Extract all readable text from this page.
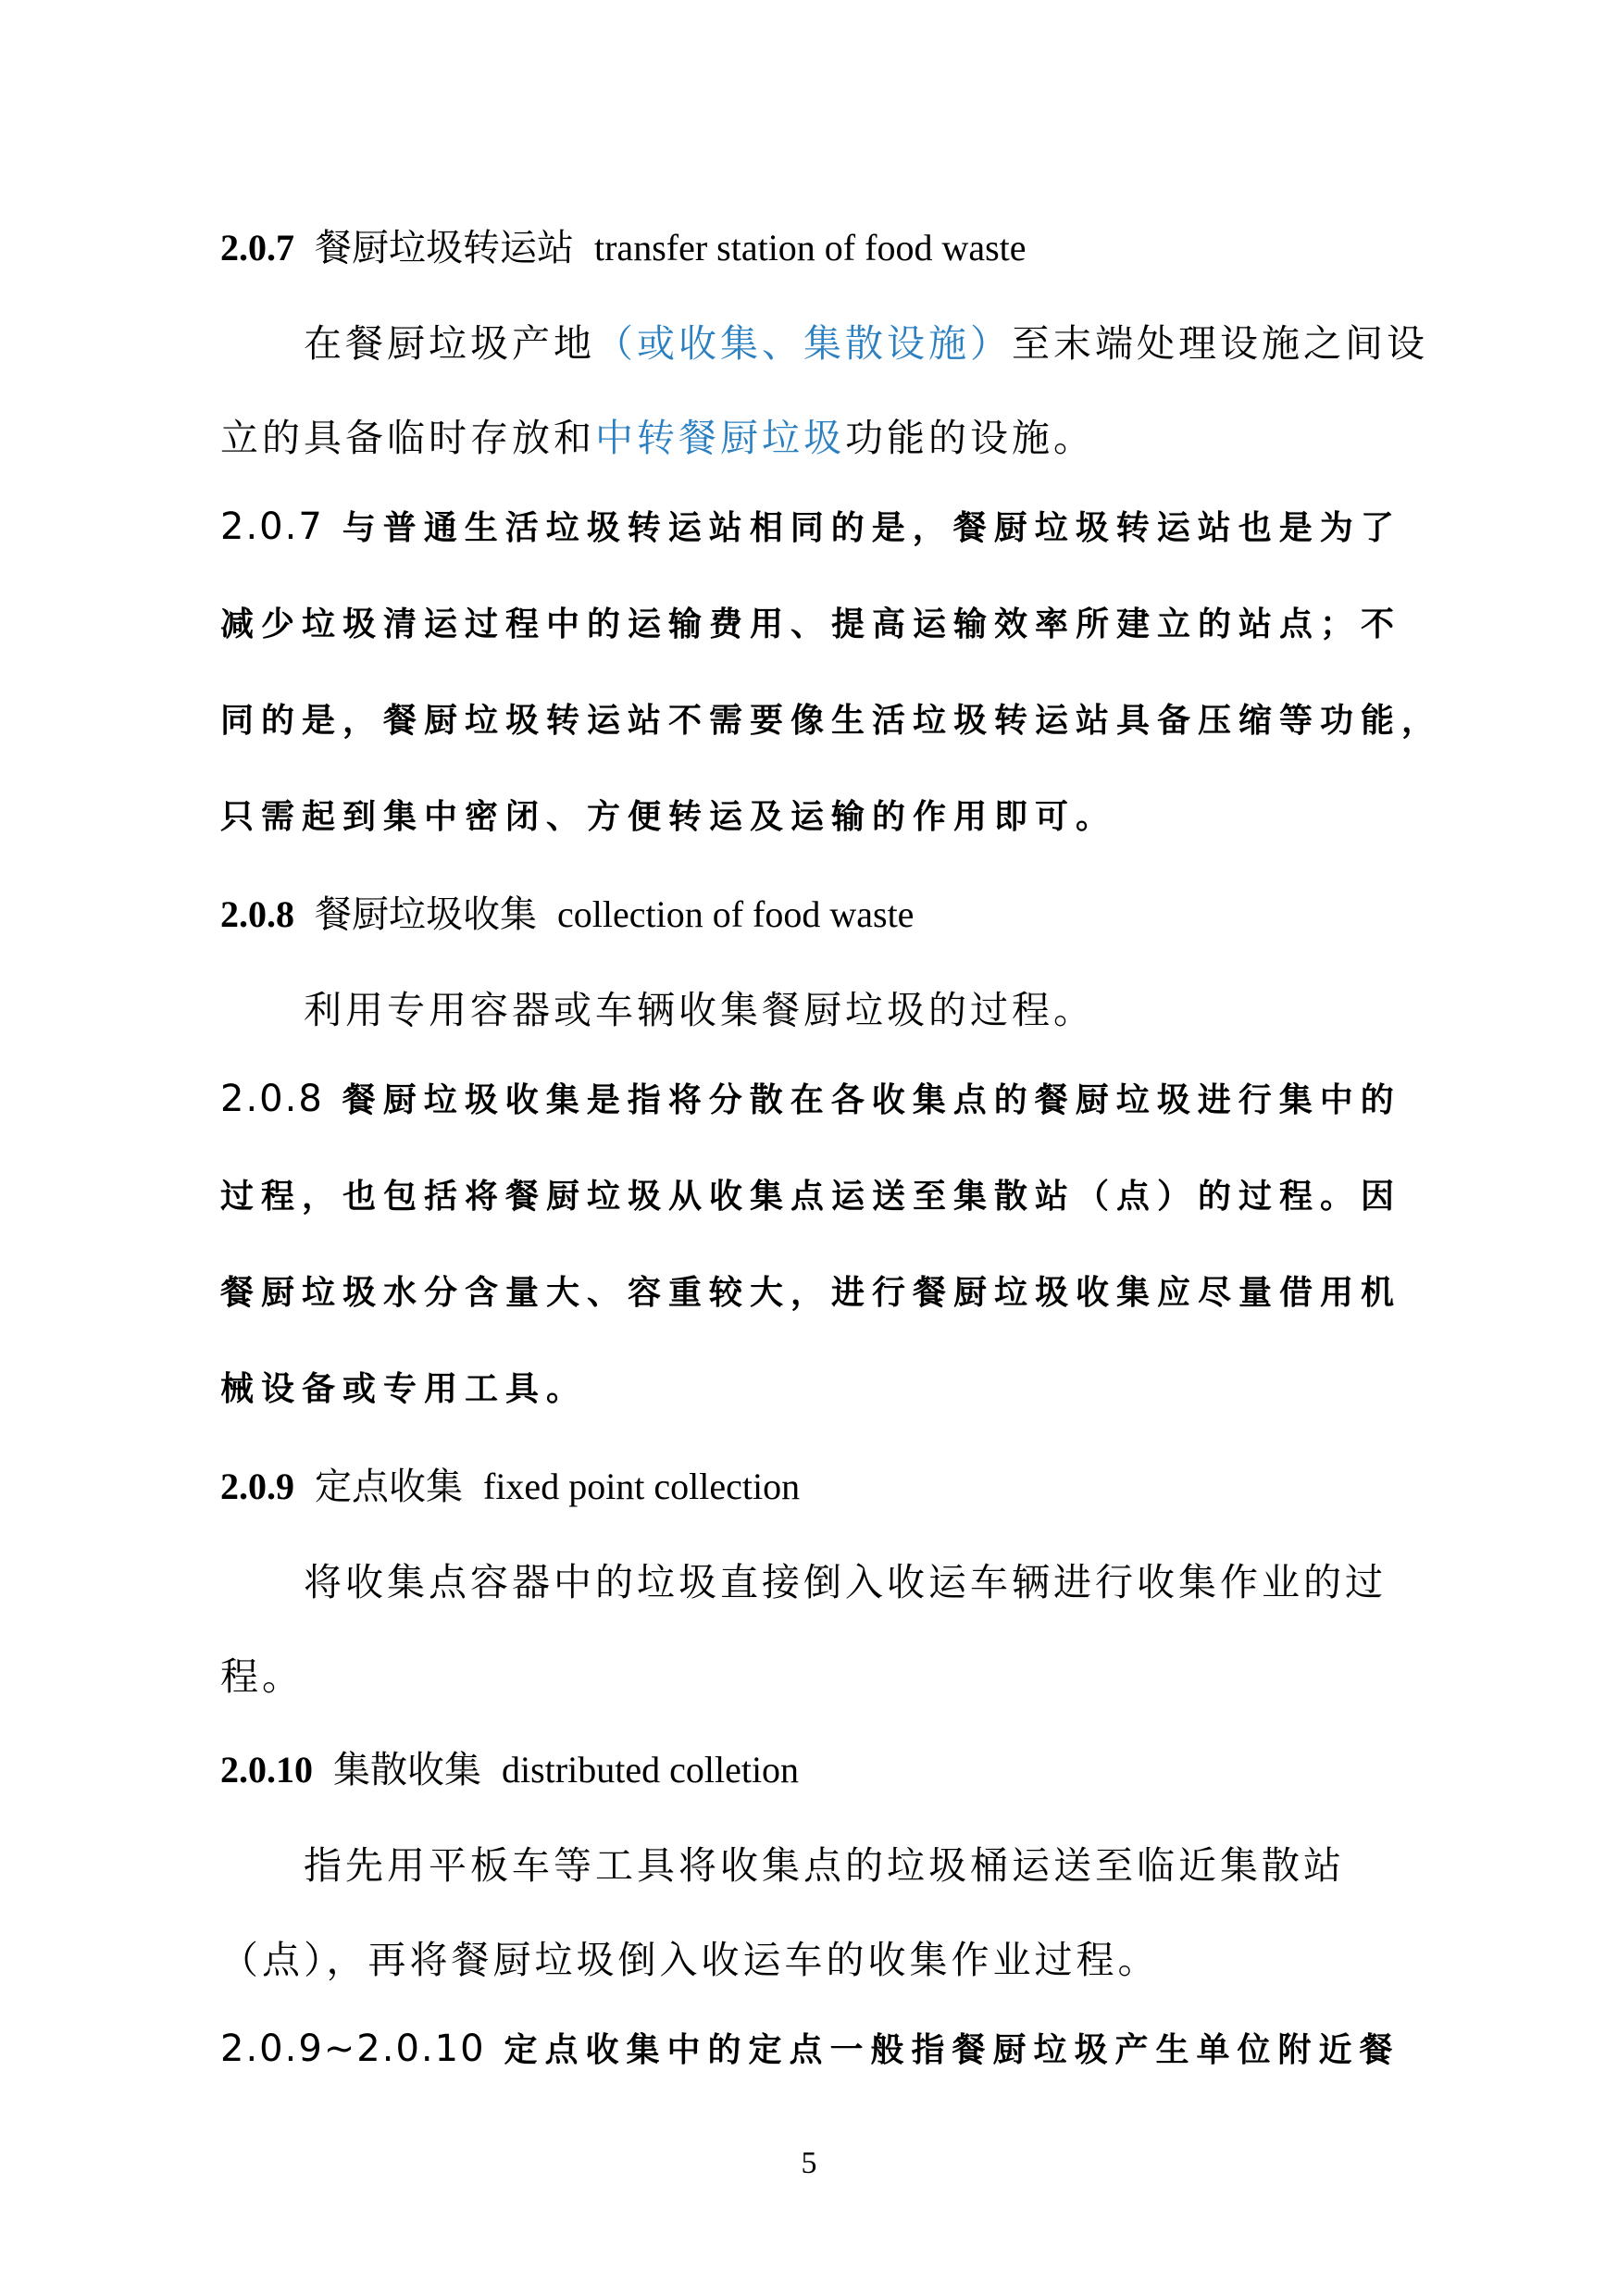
2.0.7 餐厨垃圾转运站 transfer station of food waste
在餐厨垃圾产地（或收集、集散设施）至末端处理设施之间设
立的具备临时存放和中转餐厨垃圾功能的设施。
2.0.7 与普通生活垃圾转运站相同的是，餐厨垃圾转运站也是为了
减少垃圾清运过程中的运输费用、提高运输效率所建立的站点；不
同的是，餐厨垃圾转运站不需要像生活垃圾转运站具备压缩等功能，
只需起到集中密闭、方便转运及运输的作用即可。
2.0.8 餐厨垃圾收集 collection of food waste
利用专用容器或车辆收集餐厨垃圾的过程。
2.0.8 餐厨垃圾收集是指将分散在各收集点的餐厨垃圾进行集中的
过程，也包括将餐厨垃圾从收集点运送至集散站（点）的过程。因
餐厨垃圾水分含量大、容重较大，进行餐厨垃圾收集应尽量借用机
械设备或专用工具。
2.0.9 定点收集 fixed point collection
将收集点容器中的垃圾直接倒入收运车辆进行收集作业的过
程。
2.0.10 集散收集 distributed colletion
指先用平板车等工具将收集点的垃圾桶运送至临近集散站
（点），再将餐厨垃圾倒入收运车的收集作业过程。
2.0.9~2.0.10 定点收集中的定点一般指餐厨垃圾产生单位附近餐
5
